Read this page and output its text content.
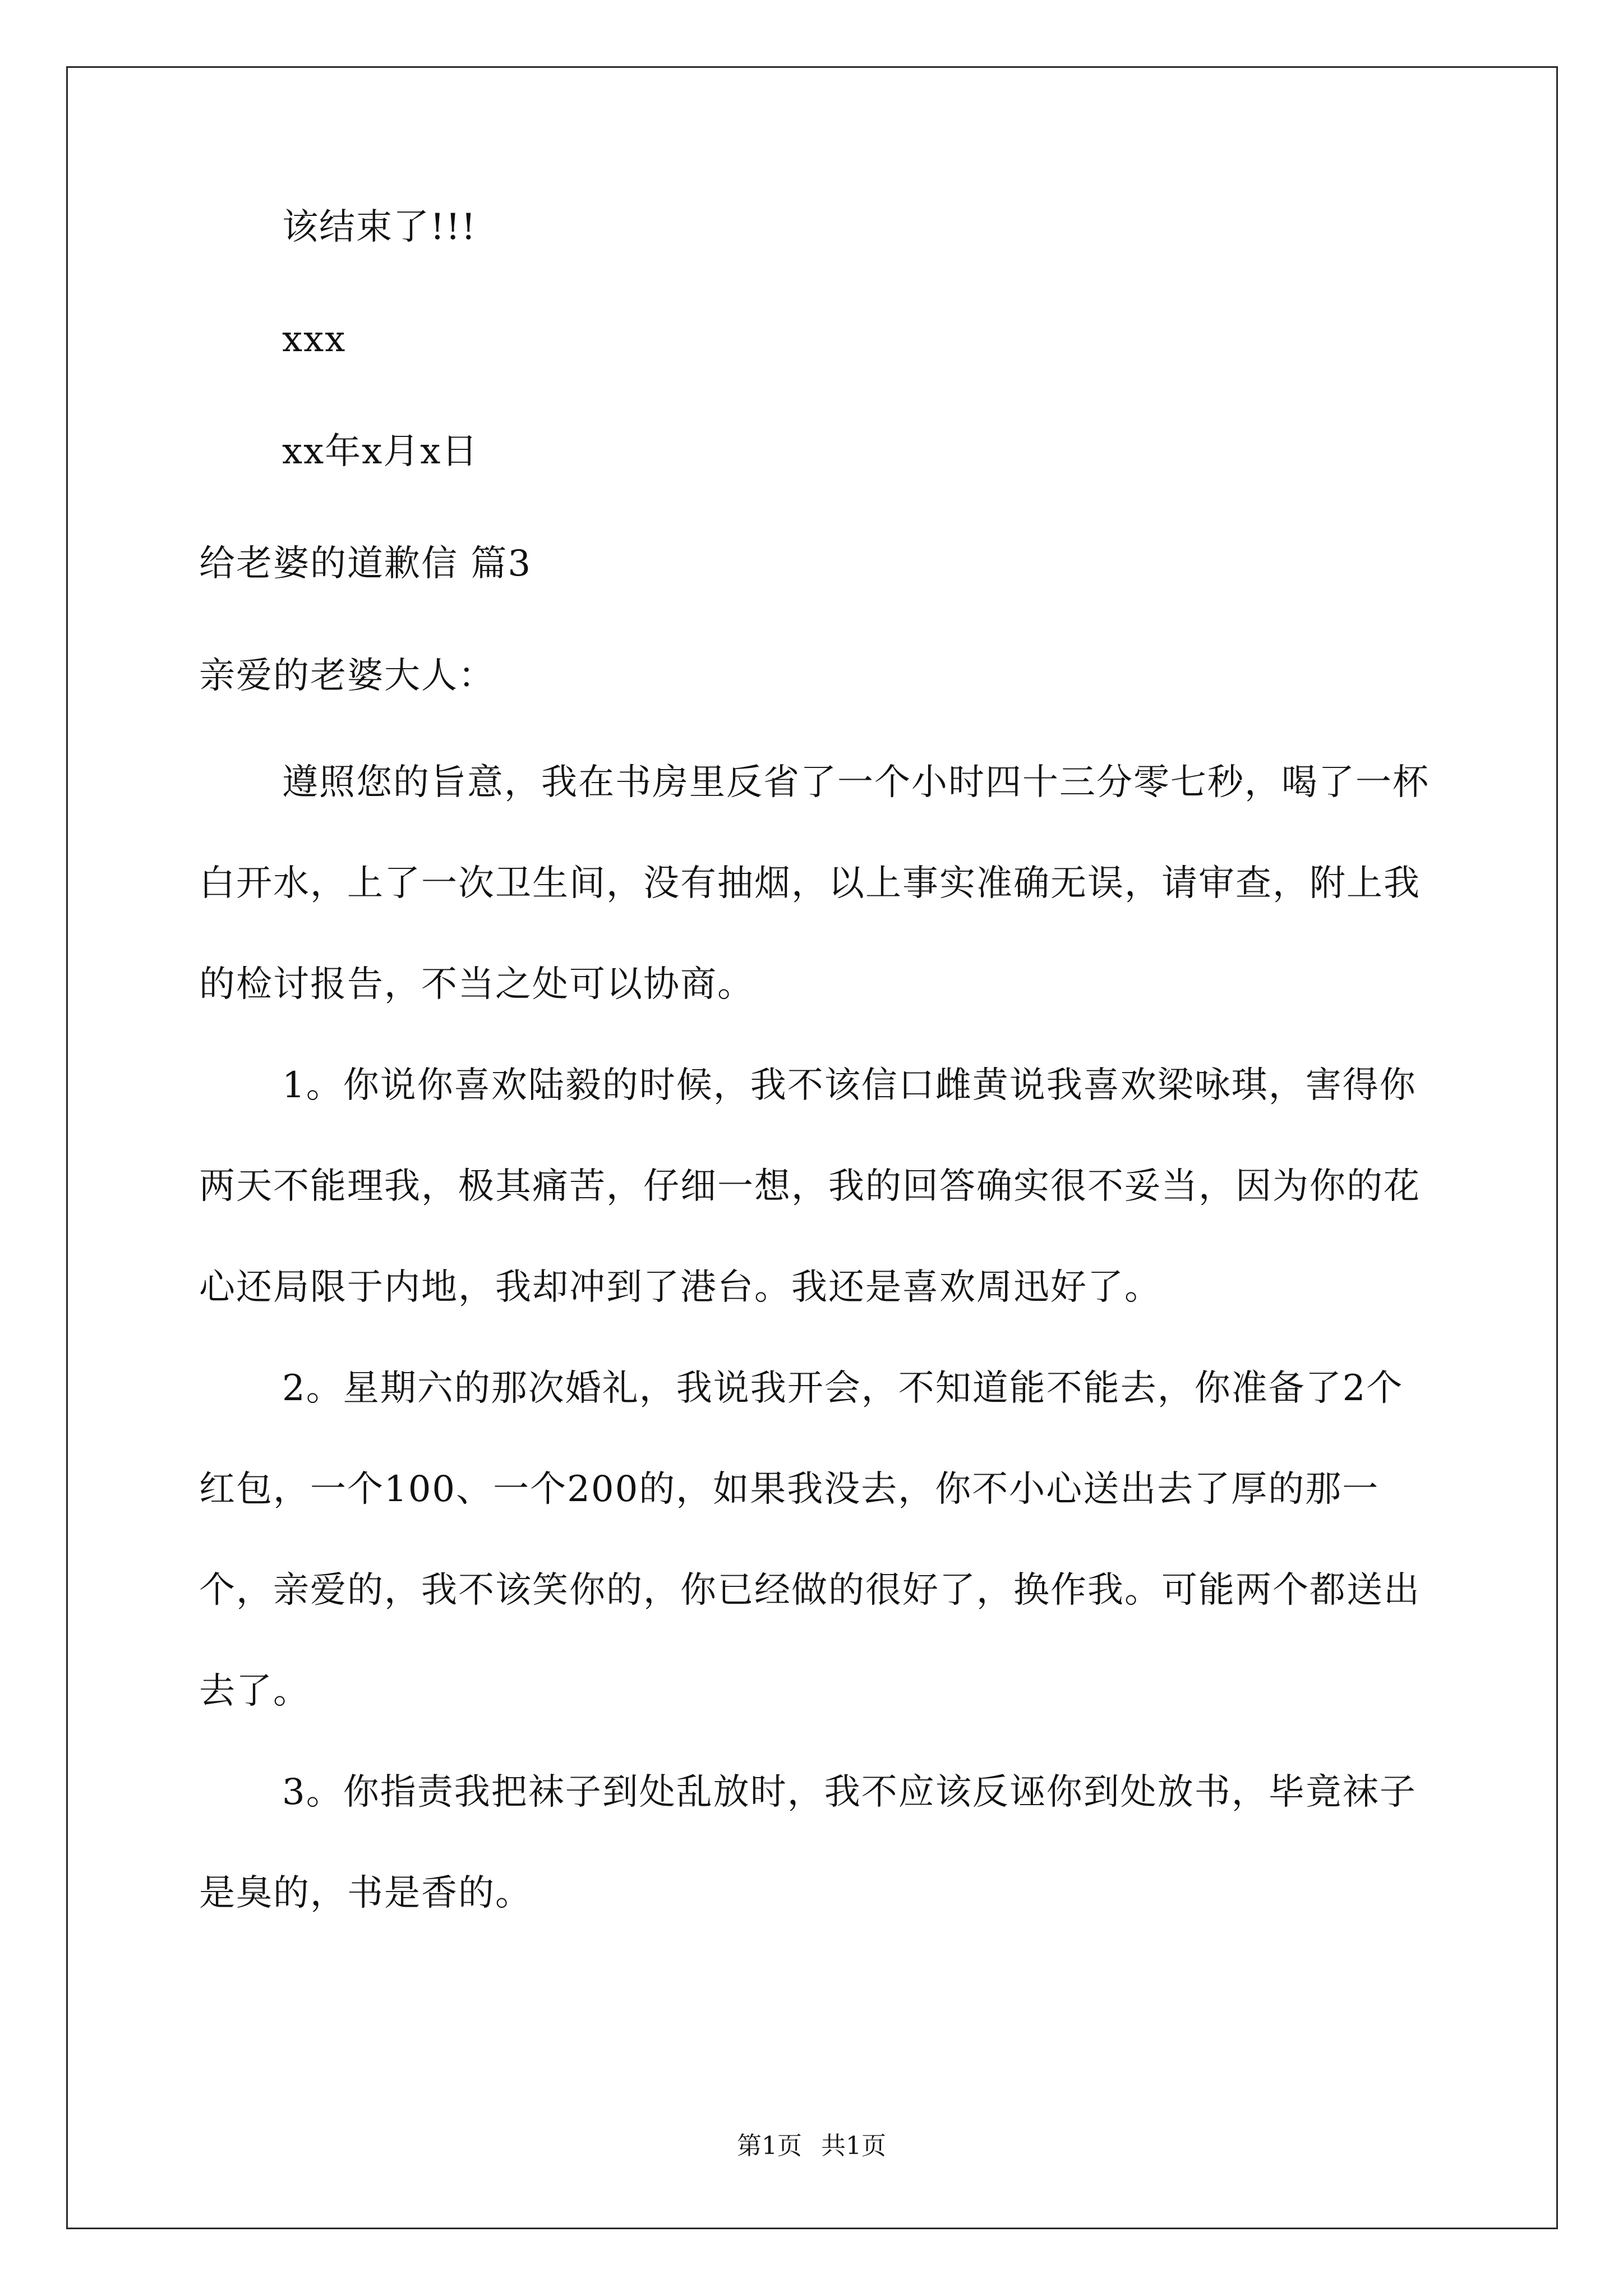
该结束了!!!
xxx
xx年x月x日
给老婆的道歉信 篇3
亲爱的老婆大人：

遵照您的旨意，我在书房里反省了一个小时四十三分零七秒，喝了一杯白开水，上了一次卫生间，没有抽烟，以上事实准确无误，请审查，附上我的检讨报告，不当之处可以协商。

1。你说你喜欢陆毅的时候，我不该信口雌黄说我喜欢梁咏琪，害得你两天不能理我，极其痛苦，仔细一想，我的回答确实很不妥当，因为你的花心还局限于内地，我却冲到了港台。我还是喜欢周迅好了。

2。星期六的那次婚礼，我说我开会，不知道能不能去，你准备了2个红包，一个100、一个200的，如果我没去，你不小心送出去了厚的那一个，亲爱的，我不该笑你的，你已经做的很好了，换作我。可能两个都送出去了。

3。你指责我把袜子到处乱放时，我不应该反诬你到处放书，毕竟袜子是臭的，书是香的。

第1页 共1页
